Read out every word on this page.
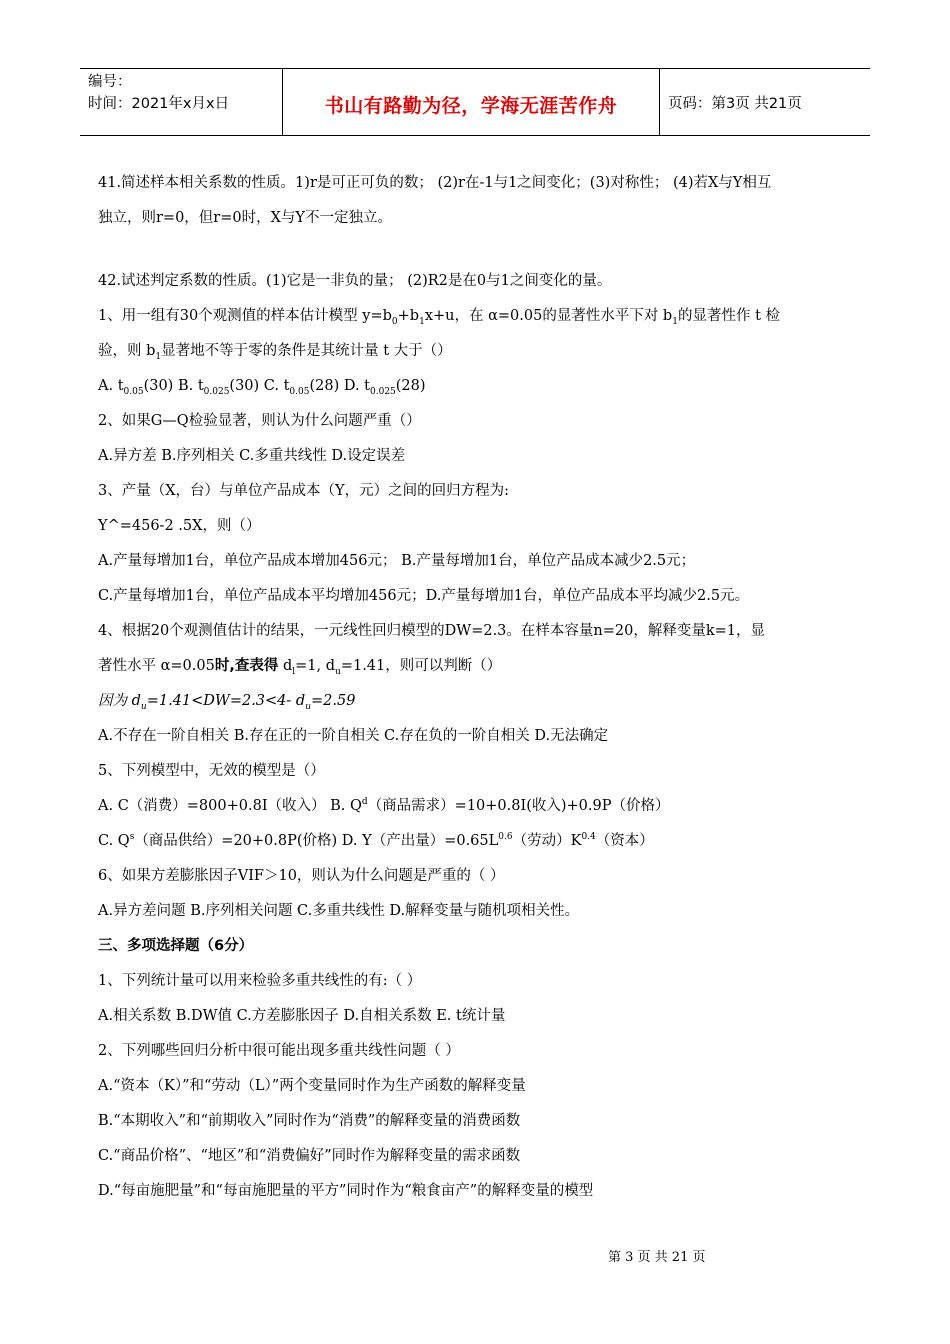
编号：
时间：2021年x月x日	书山有路勤为径，学海无涯苦作舟	页码：第3页 共21页
41.简述样本相关系数的性质。1)r是可正可负的数； (2)r在-1与1之间变化；(3)对称性； (4)若X与Y相互
独立，则r=0，但r=0时，X与Y不一定独立。
42.试述判定系数的性质。(1)它是一非负的量； (2)R2是在0与1之间变化的量。
1、用一组有30个观测值的样本估计模型 $y=b_0+b_1x+u$，在 α=0.05的显著性水平下对 $b_1$的显著性作 t 检
验，则 $b_1$显著地不等于零的条件是其统计量 t 大于（）
A. $t_{0.05}(30)$ B. $t_{0.025}(30)$ C. $t_{0.05}(28)$ D. $t_{0.025}(28)$
2、如果G—Q检验显著，则认为什么问题严重（）
A.异方差 B.序列相关 C.多重共线性 D.设定误差
3、产量（X，台）与单位产品成本（Y，元）之间的回归方程为:
Y^=456-2 .5X，则（）
A.产量每增加1台，单位产品成本增加456元； B.产量每增加1台，单位产品成本减少2.5元；
C.产量每增加1台，单位产品成本平均增加456元；D.产量每增加1台，单位产品成本平均减少2.5元。
4、根据20个观测值估计的结果，一元线性回归模型的DW=2.3。在样本容量n=20，解释变量k=1，显
著性水平 α=0.05时,查表得 $d_l=1$, $d_u=1.41$，则可以判断（）
因为 $d_u=1.41<DW=2.3<4-$ $d_u=2.59$
A.不存在一阶自相关 B.存在正的一阶自相关 C.存在负的一阶自相关 D.无法确定
5、下列模型中，无效的模型是（）
A. C（消费）=800+0.8I（收入） B. $Q^d$（商品需求）=10+0.8I(收入)+0.9P（价格）
C. $Q^s$（商品供给）=20+0.8P(价格) D. Y（产出量）$=0.65L^{0.6}$（劳动）$K^{0.4}$（资本）
6、如果方差膨胀因子VIF＞10，则认为什么问题是严重的（ ）
A.异方差问题 B.序列相关问题 C.多重共线性 D.解释变量与随机项相关性。
三、多项选择题（6分）
1、下列统计量可以用来检验多重共线性的有:（ ）
A.相关系数 B.DW值 C.方差膨胀因子 D.自相关系数 E. t统计量
2、下列哪些回归分析中很可能出现多重共线性问题（ ）
A.“资本（K）”和“劳动（L）”两个变量同时作为生产函数的解释变量
B.“本期收入”和“前期收入”同时作为“消费”的解释变量的消费函数
C.“商品价格”、“地区”和“消费偏好”同时作为解释变量的需求函数
D.“每亩施肥量”和“每亩施肥量的平方”同时作为“粮食亩产”的解释变量的模型
第 3 页 共 21 页
